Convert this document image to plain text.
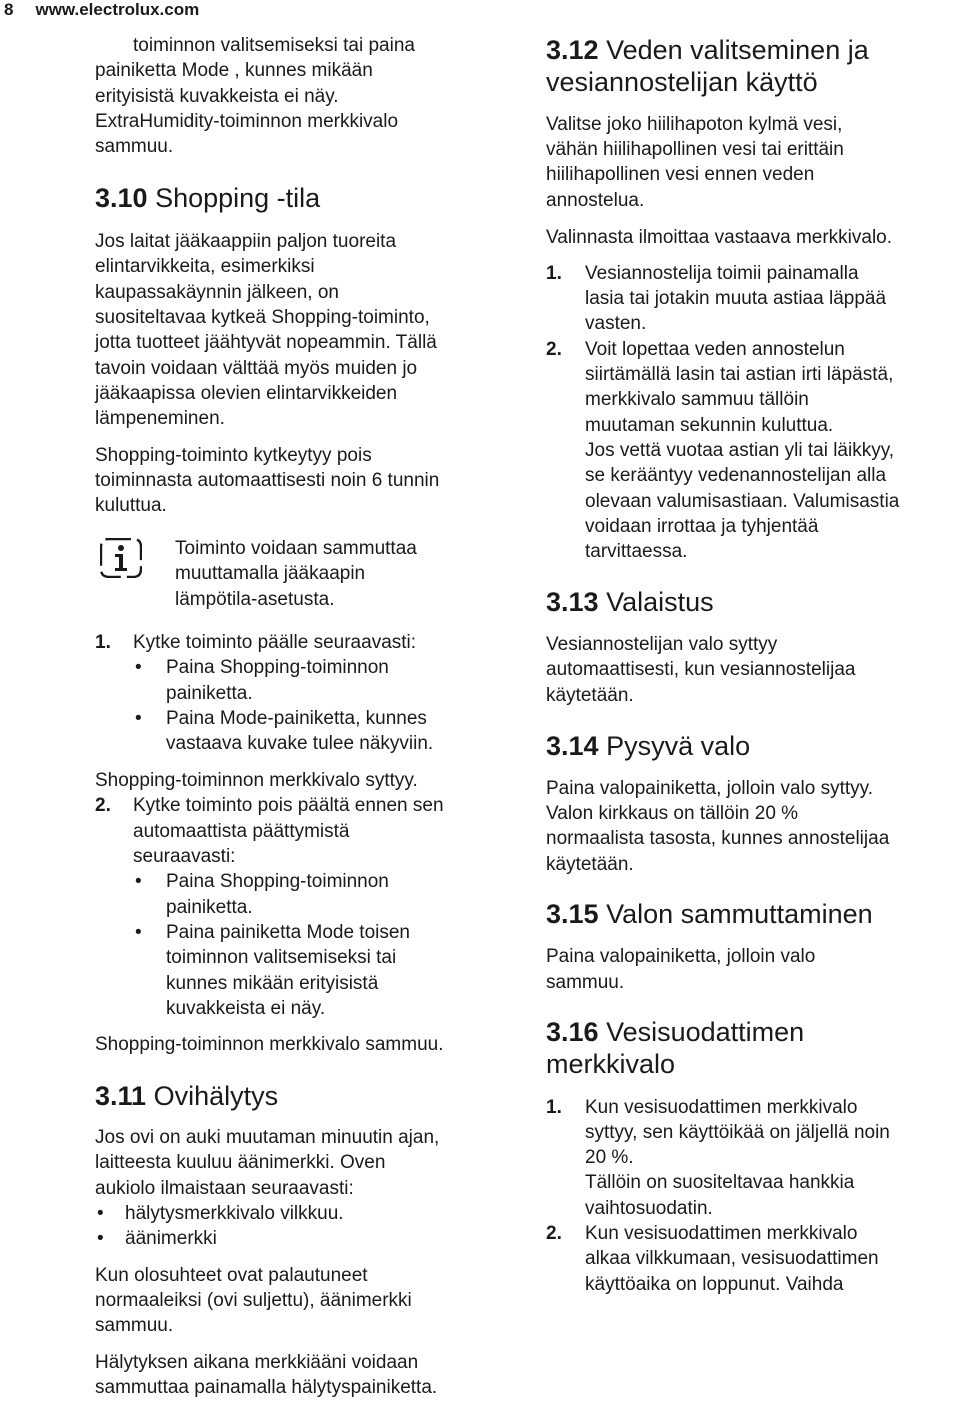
8 www.electrolux.com
toiminnon valitsemiseksi tai paina
painiketta Mode , kunnes mikään
erityisistä kuvakkeista ei näy.
ExtraHumidity-toiminnon merkkivalo
sammuu.
3.10 Shopping -tila
Jos laitat jääkaappiin paljon tuoreita
elintarvikkeita, esimerkiksi
kaupassakäynnin jälkeen, on
suositeltavaa kytkeä Shopping-toiminto,
jotta tuotteet jäähtyvät nopeammin. Tällä
tavoin voidaan välttää myös muiden jo
jääkaapissa olevien elintarvikkeiden
lämpeneminen.
Shopping-toiminto kytkeytyy pois
toiminnasta automaattisesti noin 6 tunnin
kuluttua.
Toiminto voidaan sammuttaa
muuttamalla jääkaapin
lämpötila-asetusta.
1. Kytke toiminto päälle seuraavasti:
• Paina Shopping-toiminnon
painiketta.
• Paina Mode-painiketta, kunnes
vastaava kuvake tulee näkyviin.
Shopping-toiminnon merkkivalo syttyy.
2. Kytke toiminto pois päältä ennen sen
automaattista päättymistä
seuraavasti:
• Paina Shopping-toiminnon
painiketta.
• Paina painiketta Mode toisen
toiminnon valitsemiseksi tai
kunnes mikään erityisistä
kuvakkeista ei näy.
Shopping-toiminnon merkkivalo sammuu.
3.11 Ovihälytys
Jos ovi on auki muutaman minuutin ajan,
laitteesta kuuluu äänimerkki. Oven
aukiolo ilmaistaan seuraavasti:
• hälytysmerkkivalo vilkkuu.
• äänimerkki
Kun olosuhteet ovat palautuneet
normaaleiksi (ovi suljettu), äänimerkki
sammuu.
Hälytyksen aikana merkkiääni voidaan
sammuttaa painamalla hälytyspainiketta.
3.12 Veden valitseminen ja
vesiannostelijan käyttö
Valitse joko hiilihapoton kylmä vesi,
vähän hiilihapollinen vesi tai erittäin
hiilihapollinen vesi ennen veden
annostelua.
Valinnasta ilmoittaa vastaava merkkivalo.
1. Vesiannostelija toimii painamalla
lasia tai jotakin muuta astiaa läppää
vasten.
2. Voit lopettaa veden annostelun
siirtämällä lasin tai astian irti läpästä,
merkkivalo sammuu tällöin
muutaman sekunnin kuluttua.
Jos vettä vuotaa astian yli tai läikkyy,
se kerääntyy vedenannostelijan alla
olevaan valumisastiaan. Valumisastia
voidaan irrottaa ja tyhjentää
tarvittaessa.
3.13 Valaistus
Vesiannostelijan valo syttyy
automaattisesti, kun vesiannostelijaa
käytetään.
3.14 Pysyvä valo
Paina valopainiketta, jolloin valo syttyy.
Valon kirkkaus on tällöin 20 %
normaalista tasosta, kunnes annostelijaa
käytetään.
3.15 Valon sammuttaminen
Paina valopainiketta, jolloin valo
sammuu.
3.16 Vesisuodattimen
merkkivalo
1. Kun vesisuodattimen merkkivalo
syttyy, sen käyttöikää on jäljellä noin
20 %.
Tällöin on suositeltavaa hankkia
vaihtosuodatin.
2. Kun vesisuodattimen merkkivalo
alkaa vilkkumaan, vesisuodattimen
käyttöaika on loppunut. Vaihda
